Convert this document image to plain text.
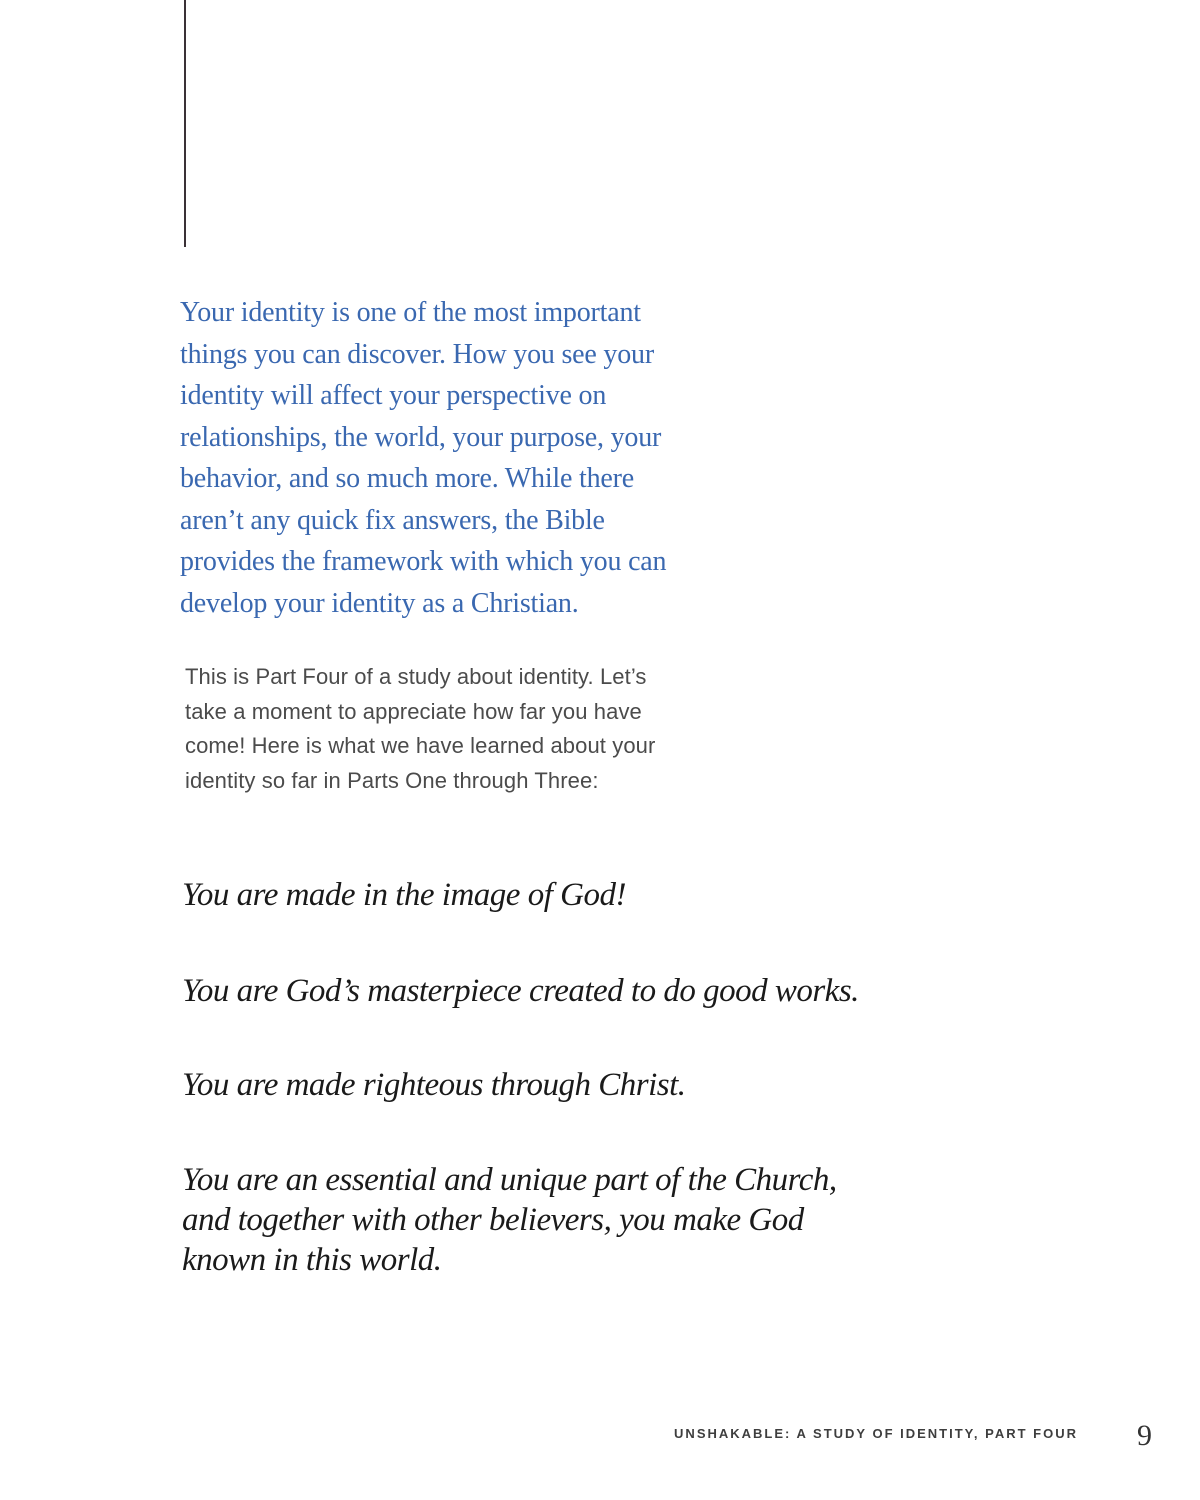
Your identity is one of the most important
things you can discover. How you see your
identity will affect your perspective on
relationships, the world, your purpose, your
behavior, and so much more. While there
aren’t any quick fix answers, the Bible
provides the framework with which you can
develop your identity as a Christian.
This is Part Four of a study about identity. Let’s
take a moment to appreciate how far you have
come! Here is what we have learned about your
identity so far in Parts One through Three:
You are made in the image of God!
You are God’s masterpiece created to do good works.
You are made righteous through Christ.
You are an essential and unique part of the Church,
and together with other believers, you make God
known in this world.
UNSHAKABLE: A STUDY OF IDENTITY, PART FOUR 9
